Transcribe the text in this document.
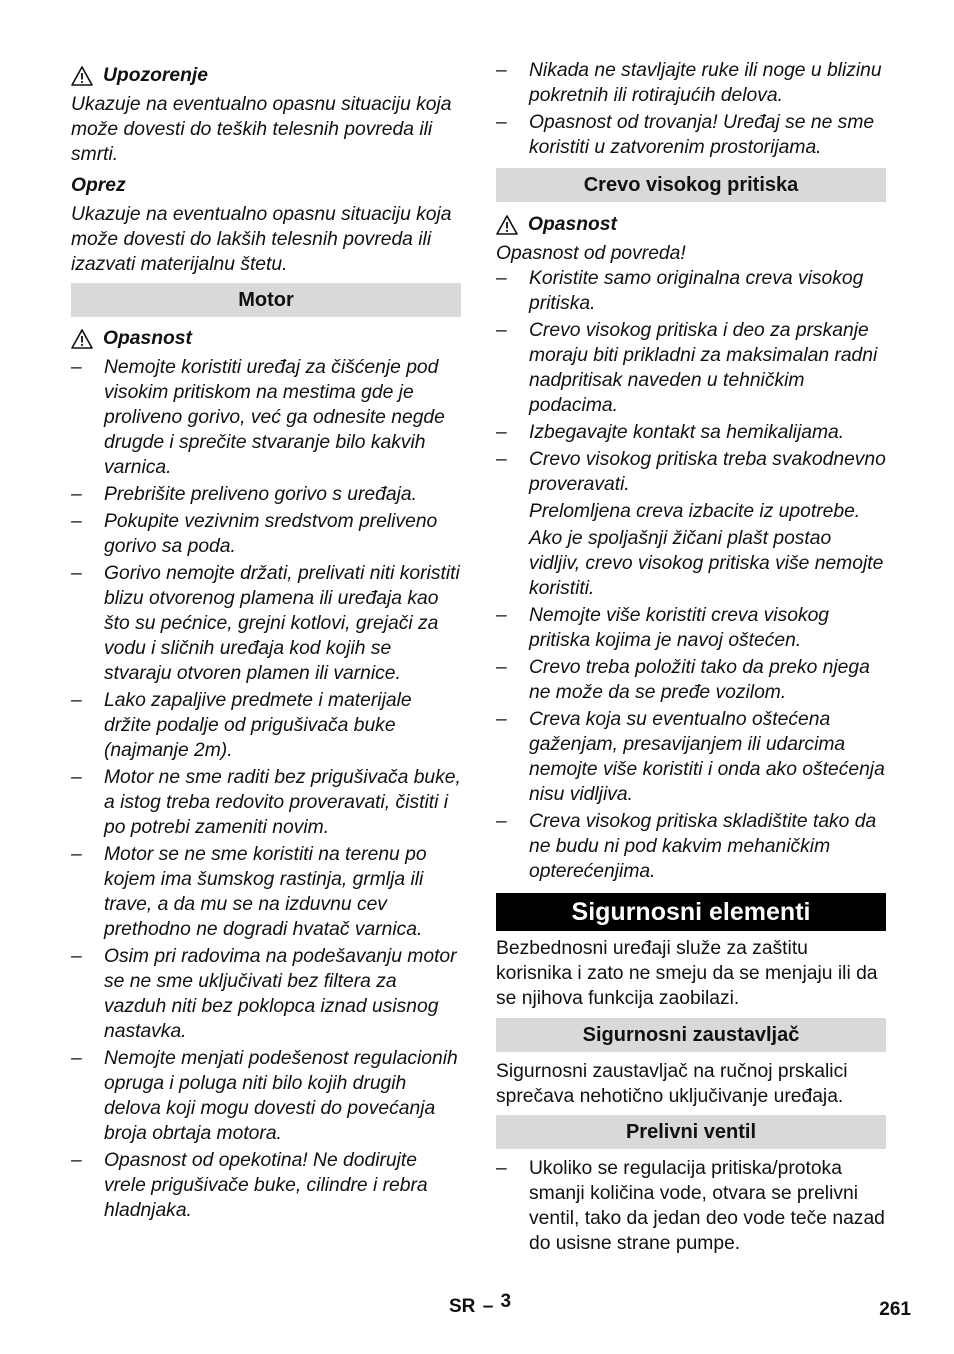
Upozorenje

Ukazuje na eventualno opasnu situaciju koja može dovesti do teških telesnih povreda ili smrti.

Oprez

Ukazuje na eventualno opasnu situaciju koja može dovesti do lakših telesnih povreda ili izazvati materijalnu štetu.

Motor
Opasnost
– Nemojte koristiti uređaj za čišćenje pod visokim pritiskom na mestima gde je proliveno gorivo, već ga odnesite negde drugde i sprečite stvaranje bilo kakvih varnica.
– Prebrišite preliveno gorivo s uređaja.
– Pokupite vezivnim sredstvom preliveno gorivo sa poda.
– Gorivo nemojte držati, prelivati niti koristiti blizu otvorenog plamena ili uređaja kao što su pećnice, grejni kotlovi, grejači za vodu i sličnih uređaja kod kojih se stvaraju otvoren plamen ili varnice.
– Lako zapaljive predmete i materijale držite podalje od prigušivača buke (najmanje 2m).
– Motor ne sme raditi bez prigušivača buke, a istog treba redovito proveravati, čistiti i po potrebi zameniti novim.
– Motor se ne sme koristiti na terenu po kojem ima šumskog rastinja, grmlja ili trave, a da mu se na izduvnu cev prethodno ne dogradi hvatač varnica.
– Osim pri radovima na podešavanju motor se ne sme uključivati bez filtera za vazduh niti bez poklopca iznad usisnog nastavka.
– Nemojte menjati podešenost regulacionih opruga i poluga niti bilo kojih drugih delova koji mogu dovesti do povećanja broja obrtaja motora.
– Opasnost od opekotina! Ne dodirujte vrele prigušivače buke, cilindre i rebra hladnjaka.
– Nikada ne stavljajte ruke ili noge u blizinu pokretnih ili rotirajućih delova.
– Opasnost od trovanja! Uređaj se ne sme koristiti u zatvorenim prostorijama.
Crevo visokog pritiska
Opasnost

Opasnost od povreda!

– Koristite samo originalna creva visokog pritiska.
– Crevo visokog pritiska i deo za prskanje moraju biti prikladni za maksimalan radni nadpritisak naveden u tehničkim podacima.
– Izbegavajte kontakt sa hemikalijama.
– Crevo visokog pritiska treba svakodnevno proveravati.

Prelomljena creva izbacite iz upotrebe.

Ako je spoljašnji žičani plašt postao vidljiv, crevo visokog pritiska više nemojte koristiti.

– Nemojte više koristiti creva visokog pritiska kojima je navoj oštećen.
– Crevo treba položiti tako da preko njega ne može da se pređe vozilom.
– Creva koja su eventualno oštećena gaženjam, presavijanjem ili udarcima nemojte više koristiti i onda ako oštećenja nisu vidljiva.
– Creva visokog pritiska skladištite tako da ne budu ni pod kakvim mehaničkim opterećenjima.
Sigurnosni elementi

Bezbednosni uređaji služe za zaštitu korisnika i zato ne smeju da se menjaju ili da se njihova funkcija zaobilazi.

Sigurnosni zaustavljač

Sigurnosni zaustavljač na ručnoj prskalici sprečava nehotično uključivanje uređaja.

Prelivni ventil
– Ukoliko se regulacija pritiska/protoka smanji količina vode, otvara se prelivni ventil, tako da jedan deo vode teče nazad do usisne strane pumpe.
SR – 3	261
